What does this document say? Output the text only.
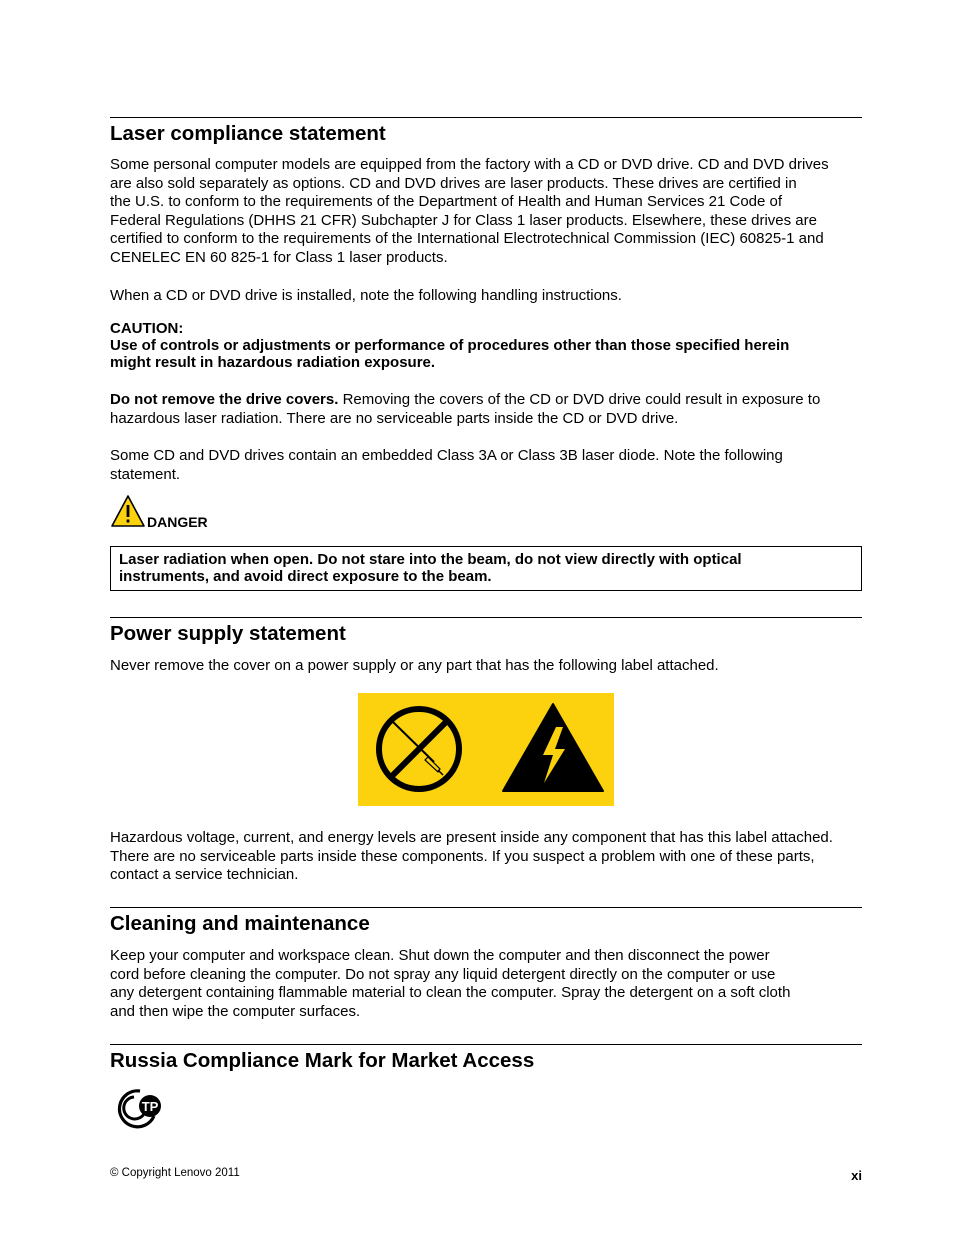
Laser compliance statement

Some personal computer models are equipped from the factory with a CD or DVD drive. CD and DVD drives

are also sold separately as options. CD and DVD drives are laser products. These drives are certified in

the U.S. to conform to the requirements of the Department of Health and Human Services 21 Code of

Federal Regulations (DHHS 21 CFR) Subchapter J for Class 1 laser products. Elsewhere, these drives are

certified to conform to the requirements of the International Electrotechnical Commission (IEC) 60825-1 and

CENELEC EN 60 825-1 for Class 1 laser products.

When a CD or DVD drive is installed, note the following handling instructions.

CAUTION:
Use of controls or adjustments or performance of procedures other than those specified herein
might result in hazardous radiation exposure.

Do not remove the drive covers. Removing the covers of the CD or DVD drive could result in exposure to

hazardous laser radiation. There are no serviceable parts inside the CD or DVD drive.

Some CD and DVD drives contain an embedded Class 3A or Class 3B laser diode. Note the following

statement.

DANGER
Laser radiation when open. Do not stare into the beam, do not view directly with optical
instruments, and avoid direct exposure to the beam.
Power supply statement

Never remove the cover on a power supply or any part that has the following label attached.

Hazardous voltage, current, and energy levels are present inside any component that has this label attached.

There are no serviceable parts inside these components. If you suspect a problem with one of these parts,

contact a service technician.

Cleaning and maintenance

Keep your computer and workspace clean. Shut down the computer and then disconnect the power

cord before cleaning the computer. Do not spray any liquid detergent directly on the computer or use

any detergent containing flammable material to clean the computer. Spray the detergent on a soft cloth

and then wipe the computer surfaces.

Russia Compliance Mark for Market Access
ТР
© Copyright Lenovo 2011	xi
